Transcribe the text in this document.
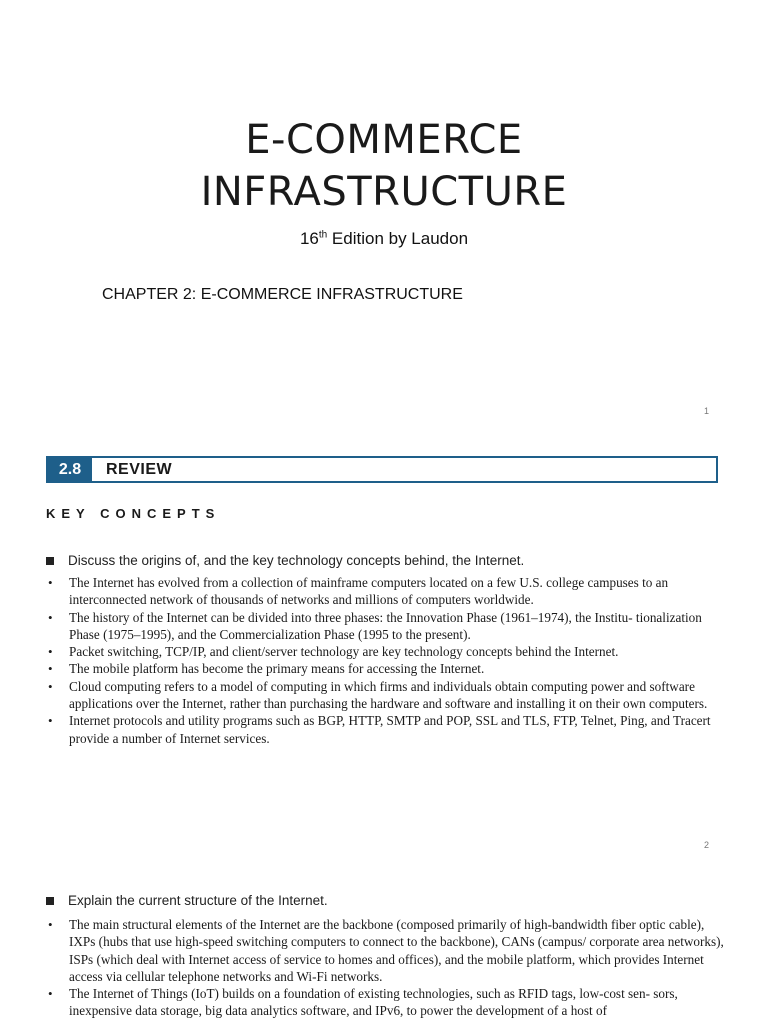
E-COMMERCE
INFRASTRUCTURE
16th Edition by Laudon
CHAPTER 2: E-COMMERCE INFRASTRUCTURE
1
2.8	REVIEW
KEY CONCEPTS
Discuss the origins of, and the key technology concepts behind, the Internet.
• The Internet has evolved from a collection of mainframe computers located on a few U.S. college campuses to an interconnected network of thousands of networks and millions of computers worldwide.
• The history of the Internet can be divided into three phases: the Innovation Phase (1961–1974), the Institu- tionalization Phase (1975–1995), and the Commercialization Phase (1995 to the present).
• Packet switching, TCP/IP, and client/server technology are key technology concepts behind the Internet.
• The mobile platform has become the primary means for accessing the Internet.
• Cloud computing refers to a model of computing in which firms and individuals obtain computing power and software applications over the Internet, rather than purchasing the hardware and software and installing it on their own computers.
• Internet protocols and utility programs such as BGP, HTTP, SMTP and POP, SSL and TLS, FTP, Telnet, Ping, and Tracert provide a number of Internet services.
2
Explain the current structure of the Internet.
• The main structural elements of the Internet are the backbone (composed primarily of high-bandwidth fiber optic cable), IXPs (hubs that use high-speed switching computers to connect to the backbone), CANs (campus/ corporate area networks), ISPs (which deal with Internet access of service to homes and offices), and the mobile platform, which provides Internet access via cellular telephone networks and Wi-Fi networks.
• The Internet of Things (IoT) builds on a foundation of existing technologies, such as RFID tags, low-cost sen- sors, inexpensive data storage, big data analytics software, and IPv6, to power the development of a host of
